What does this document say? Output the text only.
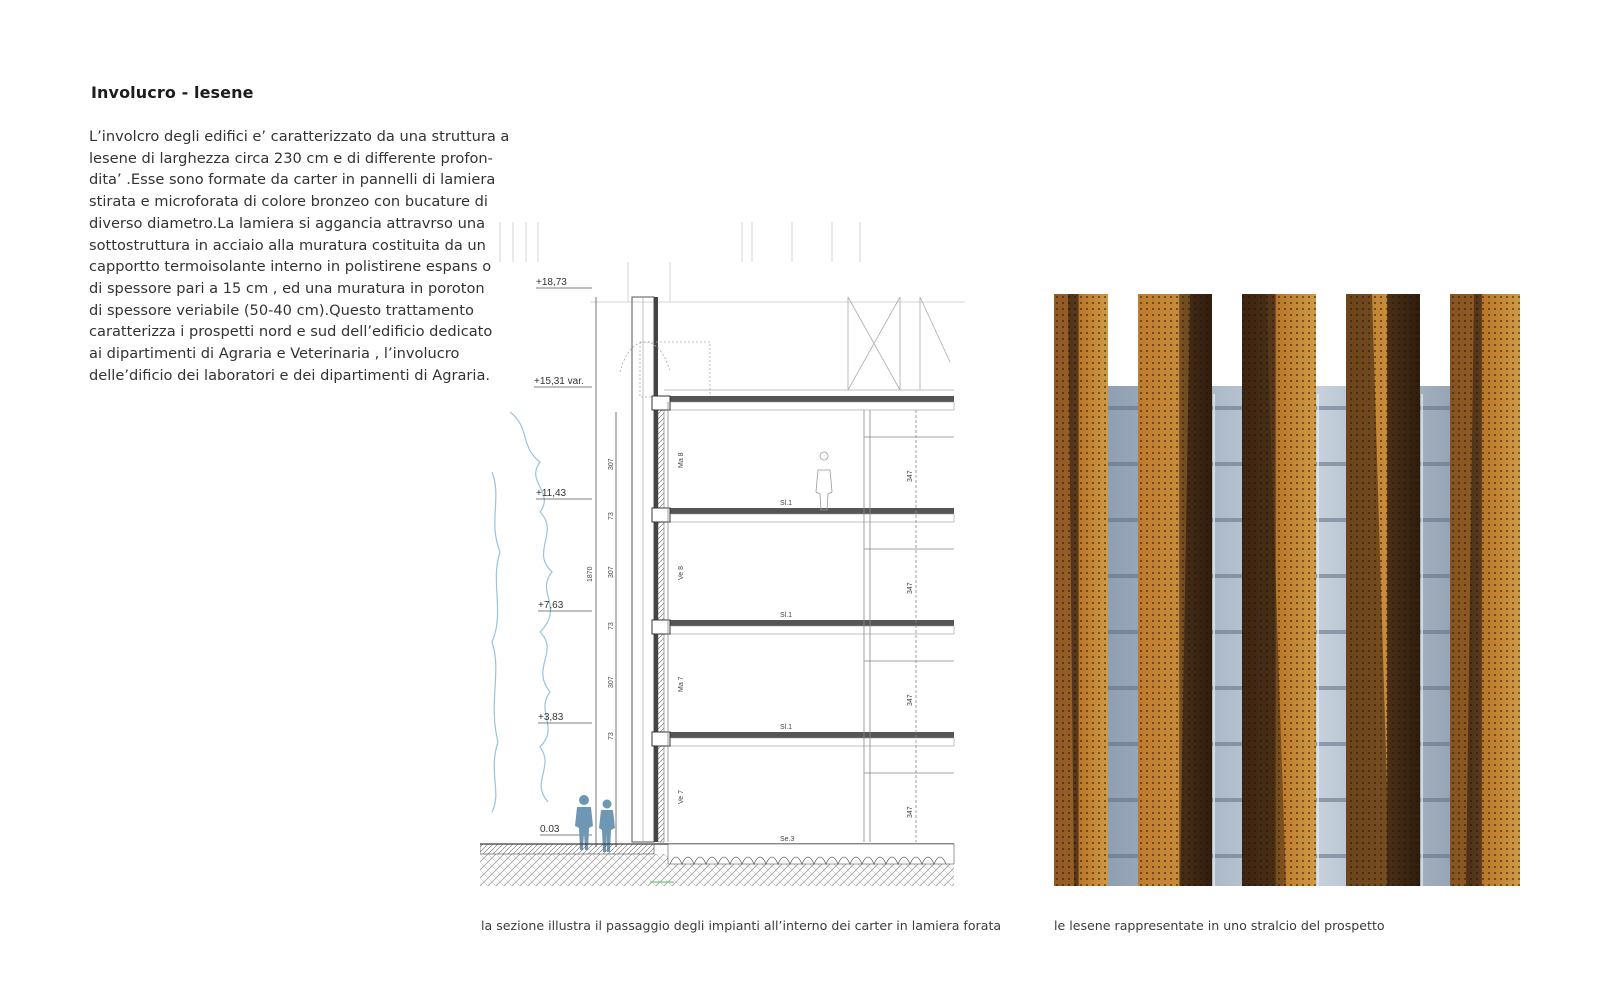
Involucro - lesene
L’involcro degli edifici e’ caratterizzato da una struttura a
lesene di larghezza circa 230 cm e di differente profon-
dita’ .Esse sono formate da carter in pannelli di lamiera
stirata e microforata di colore bronzeo con bucature di
diverso diametro.La lamiera si aggancia attravrso una
sottostruttura in acciaio alla muratura costituita da un
capportto termoisolante interno in polistirene espans o
di spessore pari a 15 cm , ed una muratura in poroton
di spessore veriabile (50-40 cm).Questo trattamento
caratterizza i prospetti nord e sud dell’edificio dedicato
ai dipartimenti di Agraria e Veterinaria , l’involucro
delle’dificio dei laboratori e dei dipartimenti di Agraria.
+18,73
+15,31 var.
+11,43
+7,63
+3,83
0.03
1870
73
307
73
307
73
307
Ma 8
Ve 8
Ma 7
Ve 7
347
347
347
347
Sl.1
Sl.1
Sl.1
Se.3

la sezione illustra il passaggio degli impianti all’interno dei carter in lamiera forata	le lesene rappresentate in uno stralcio del prospetto
